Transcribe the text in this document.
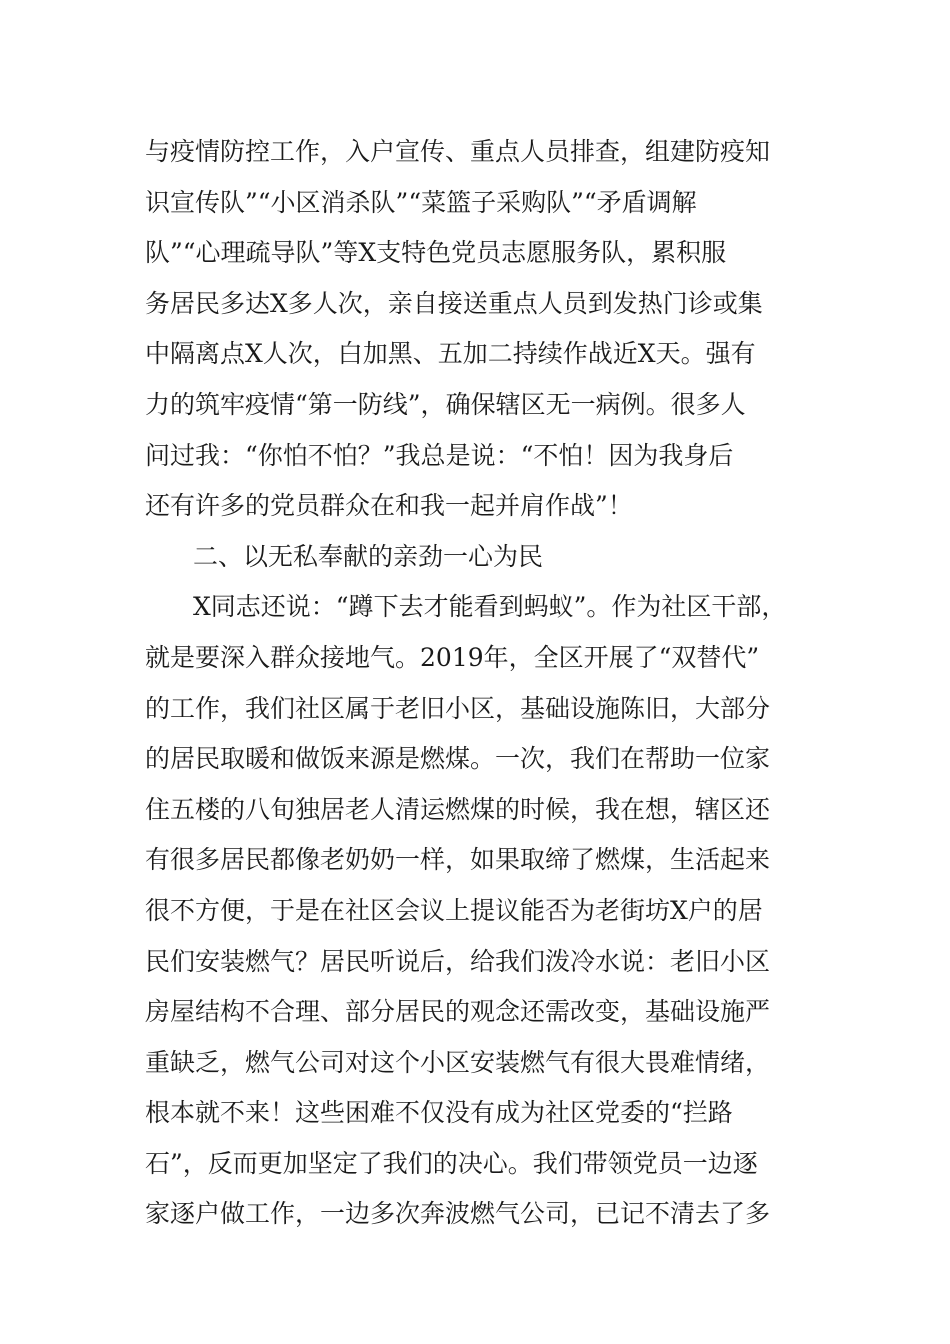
与疫情防控工作，入户宣传、重点人员排查，组建防疫知
识宣传队”“小区消杀队”“菜篮子采购队”“矛盾调解
队”“心理疏导队”等X支特色党员志愿服务队，累积服
务居民多达X多人次，亲自接送重点人员到发热门诊或集
中隔离点X人次，白加黑、五加二持续作战近X天。强有
力的筑牢疫情“第一防线”，确保辖区无一病例。很多人
问过我：“你怕不怕？”我总是说：“不怕！因为我身后
还有许多的党员群众在和我一起并肩作战”！
二、以无私奉献的亲劲一心为民
X同志还说：“蹲下去才能看到蚂蚁”。作为社区干部，
就是要深入群众接地气。2019年，全区开展了“双替代”
的工作，我们社区属于老旧小区，基础设施陈旧，大部分
的居民取暖和做饭来源是燃煤。一次，我们在帮助一位家
住五楼的八旬独居老人清运燃煤的时候，我在想，辖区还
有很多居民都像老奶奶一样，如果取缔了燃煤，生活起来
很不方便，于是在社区会议上提议能否为老街坊X户的居
民们安装燃气？居民听说后，给我们泼冷水说：老旧小区
房屋结构不合理、部分居民的观念还需改变，基础设施严
重缺乏，燃气公司对这个小区安装燃气有很大畏难情绪，
根本就不来！这些困难不仅没有成为社区党委的“拦路
石”，反而更加坚定了我们的决心。我们带领党员一边逐
家逐户做工作，一边多次奔波燃气公司，已记不清去了多
